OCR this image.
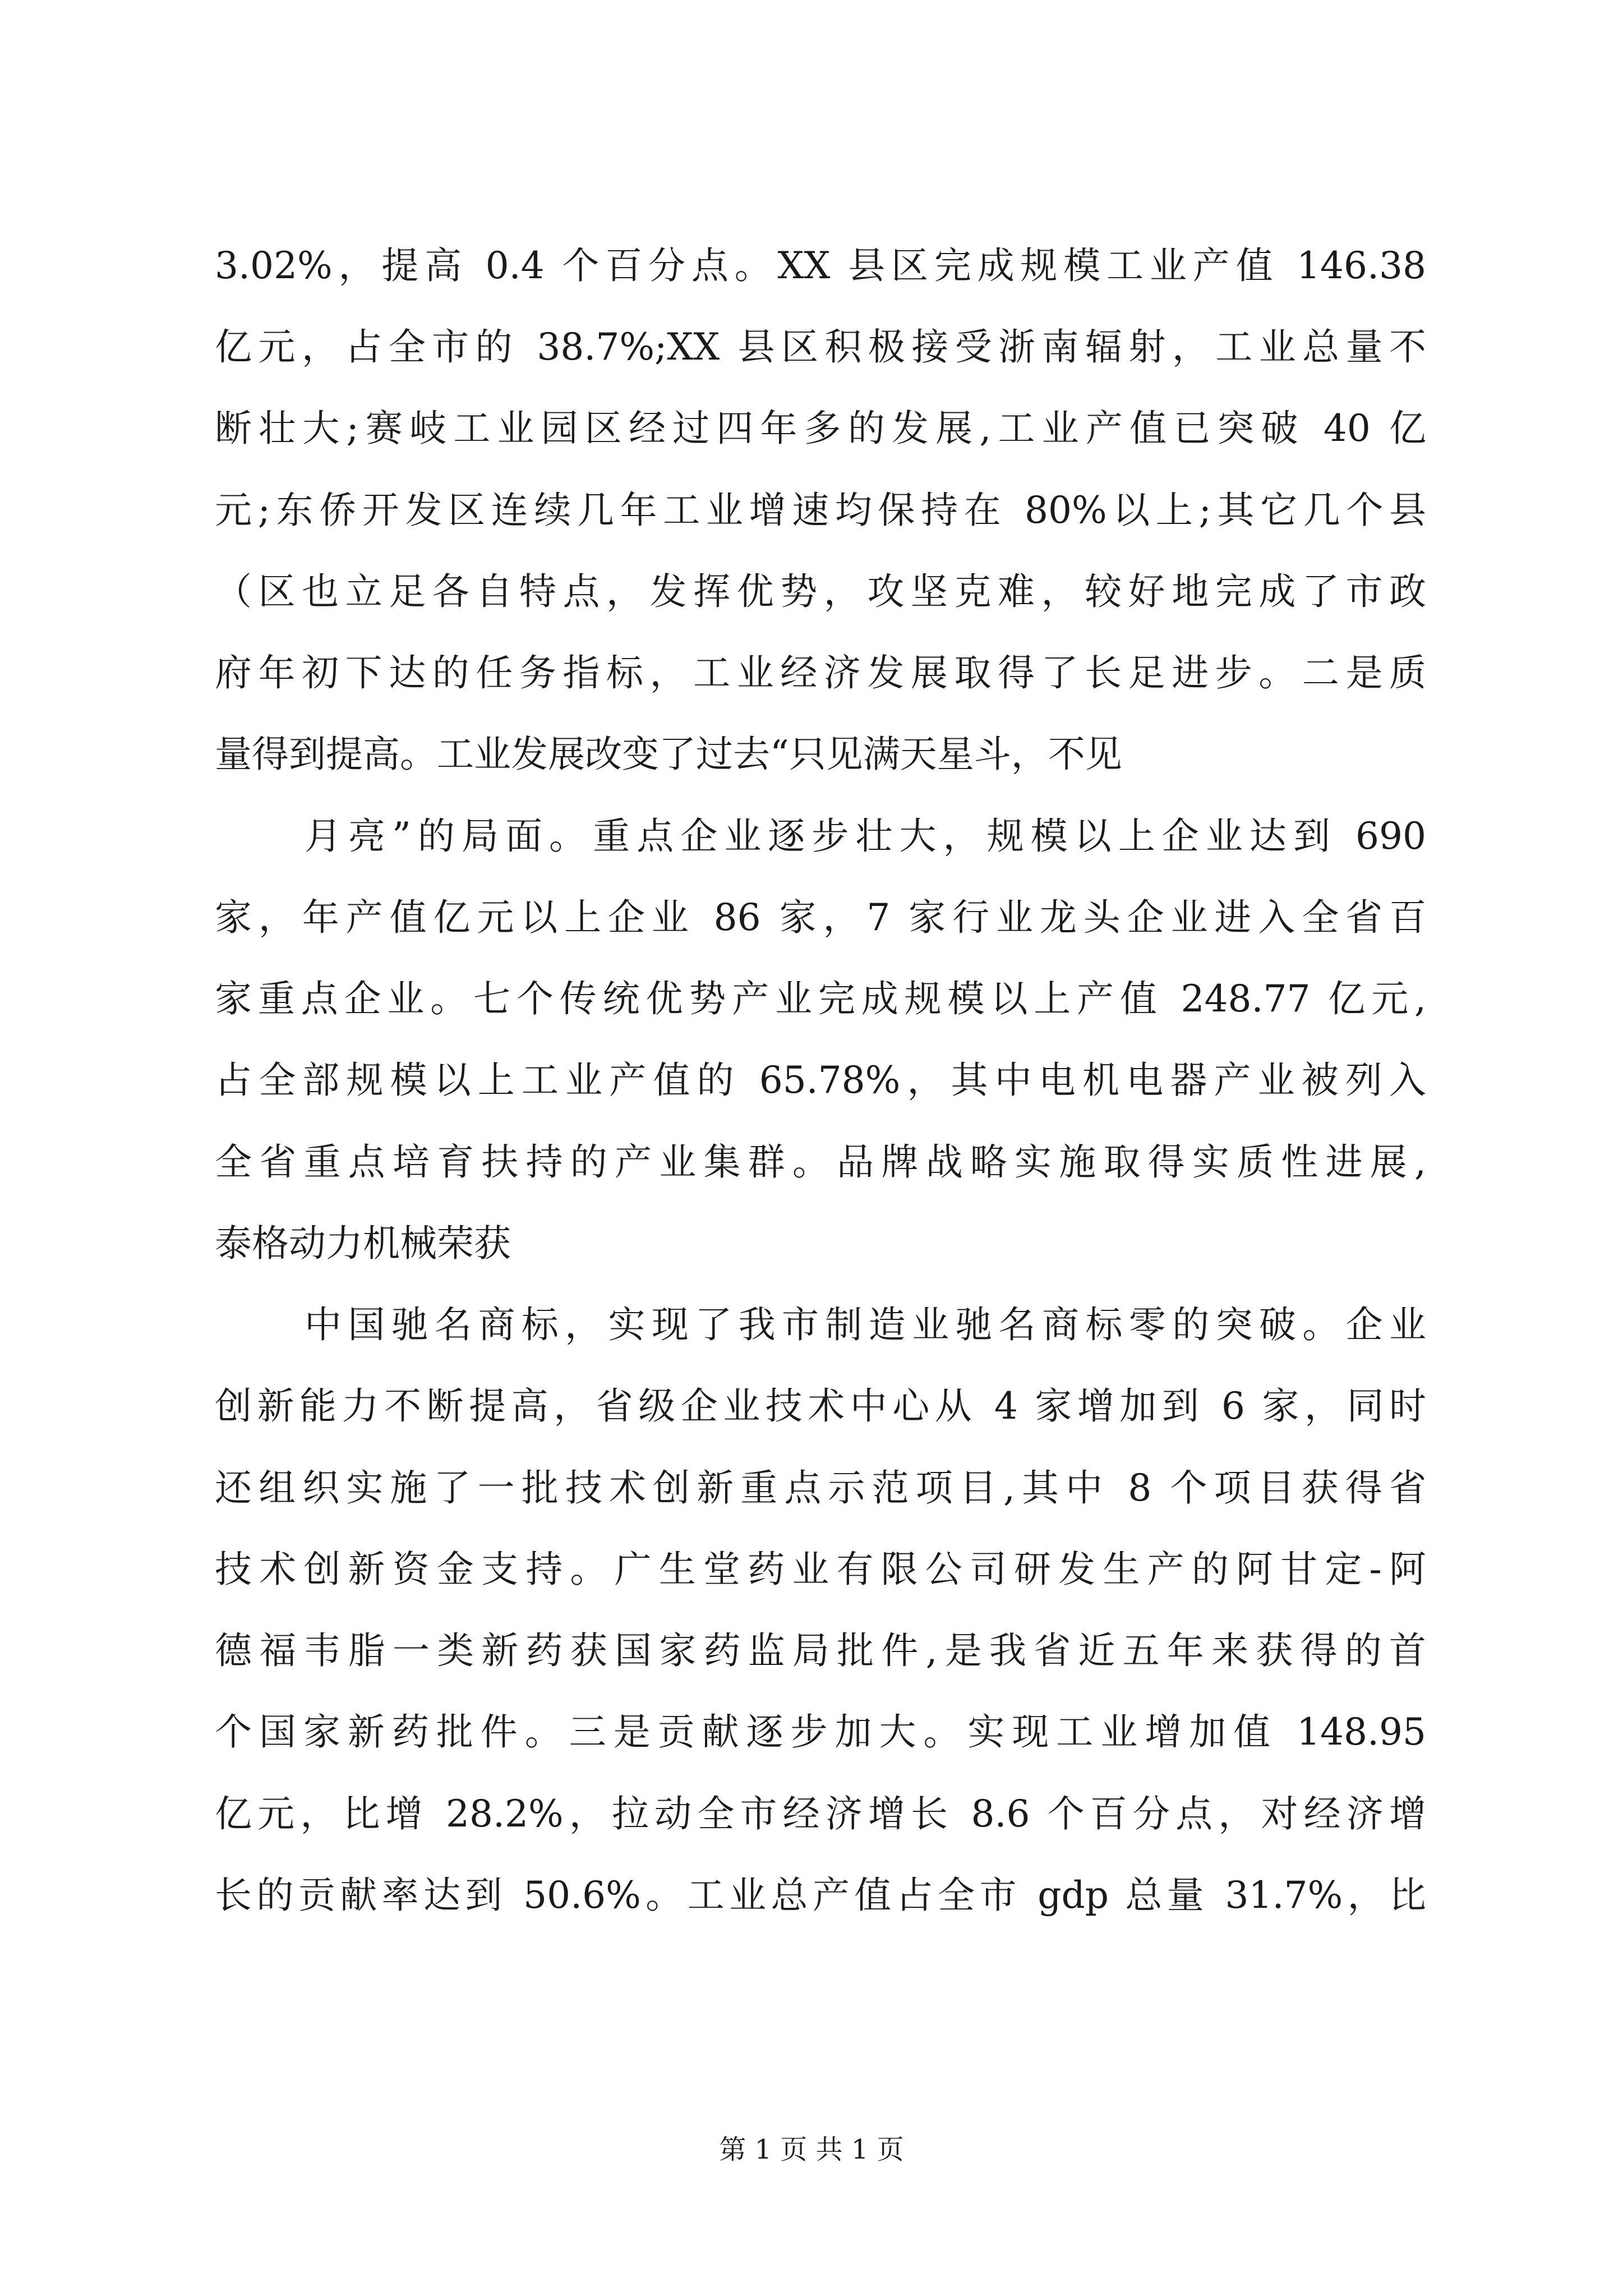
3.02%，提高 0.4 个百分点。XX 县区完成规模工业产值 146.38
亿元，占全市的 38.7%;XX 县区积极接受浙南辐射，工业总量不
断壮大;赛岐工业园区经过四年多的发展,工业产值已突破 40 亿
元;东侨开发区连续几年工业增速均保持在 80%以上;其它几个县
（区也立足各自特点，发挥优势，攻坚克难，较好地完成了市政
府年初下达的任务指标，工业经济发展取得了长足进步。二是质
量得到提高。工业发展改变了过去“只见满天星斗，不见
月亮”的局面。重点企业逐步壮大，规模以上企业达到 690
家，年产值亿元以上企业 86 家，7 家行业龙头企业进入全省百
家重点企业。七个传统优势产业完成规模以上产值 248.77 亿元,
占全部规模以上工业产值的 65.78%，其中电机电器产业被列入
全省重点培育扶持的产业集群。品牌战略实施取得实质性进展,
泰格动力机械荣获
中国驰名商标，实现了我市制造业驰名商标零的突破。企业
创新能力不断提高，省级企业技术中心从 4 家增加到 6 家，同时
还组织实施了一批技术创新重点示范项目,其中 8 个项目获得省
技术创新资金支持。广生堂药业有限公司研发生产的阿甘定-阿
德福韦脂一类新药获国家药监局批件,是我省近五年来获得的首
个国家新药批件。三是贡献逐步加大。实现工业增加值 148.95
亿元，比增 28.2%，拉动全市经济增长 8.6 个百分点，对经济增
长的贡献率达到 50.6%。工业总产值占全市 gdp 总量 31.7%，比
第 1 页 共 1 页
